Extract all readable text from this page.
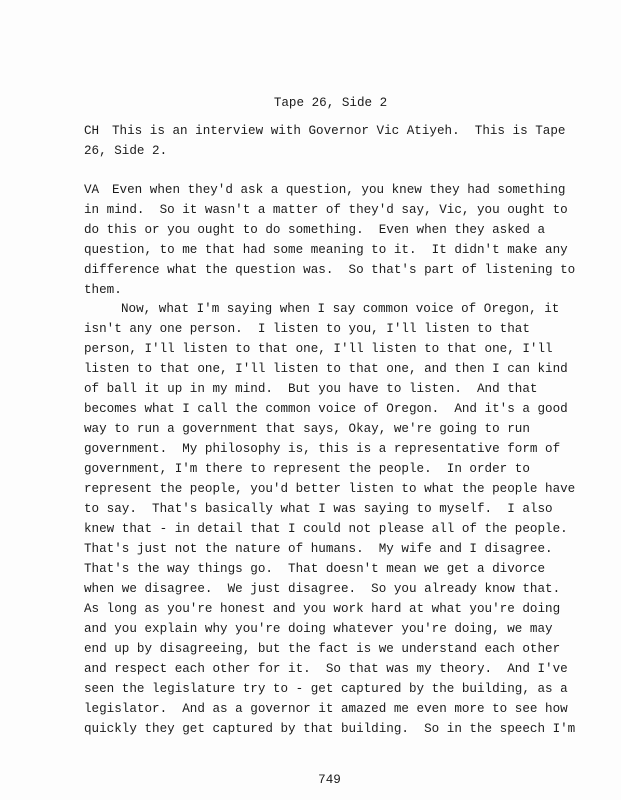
Tape 26, Side 2
CH This is an interview with Governor Vic Atiyeh.  This is Tape
26, Side 2.
VA Even when they'd ask a question, you knew they had something
in mind.  So it wasn't a matter of they'd say, Vic, you ought to
do this or you ought to do something.  Even when they asked a
question, to me that had some meaning to it.  It didn't make any
difference what the question was.  So that's part of listening to
them.
Now, what I'm saying when I say common voice of Oregon, it
isn't any one person.  I listen to you, I'll listen to that
person, I'll listen to that one, I'll listen to that one, I'll
listen to that one, I'll listen to that one, and then I can kind
of ball it up in my mind.  But you have to listen.  And that
becomes what I call the common voice of Oregon.  And it's a good
way to run a government that says, Okay, we're going to run
government.  My philosophy is, this is a representative form of
government, I'm there to represent the people.  In order to
represent the people, you'd better listen to what the people have
to say.  That's basically what I was saying to myself.  I also
knew that - in detail that I could not please all of the people.
That's just not the nature of humans.  My wife and I disagree.
That's the way things go.  That doesn't mean we get a divorce
when we disagree.  We just disagree.  So you already know that.
As long as you're honest and you work hard at what you're doing
and you explain why you're doing whatever you're doing, we may
end up by disagreeing, but the fact is we understand each other
and respect each other for it.  So that was my theory.  And I've
seen the legislature try to - get captured by the building, as a
legislator.  And as a governor it amazed me even more to see how
quickly they get captured by that building.  So in the speech I'm
749
